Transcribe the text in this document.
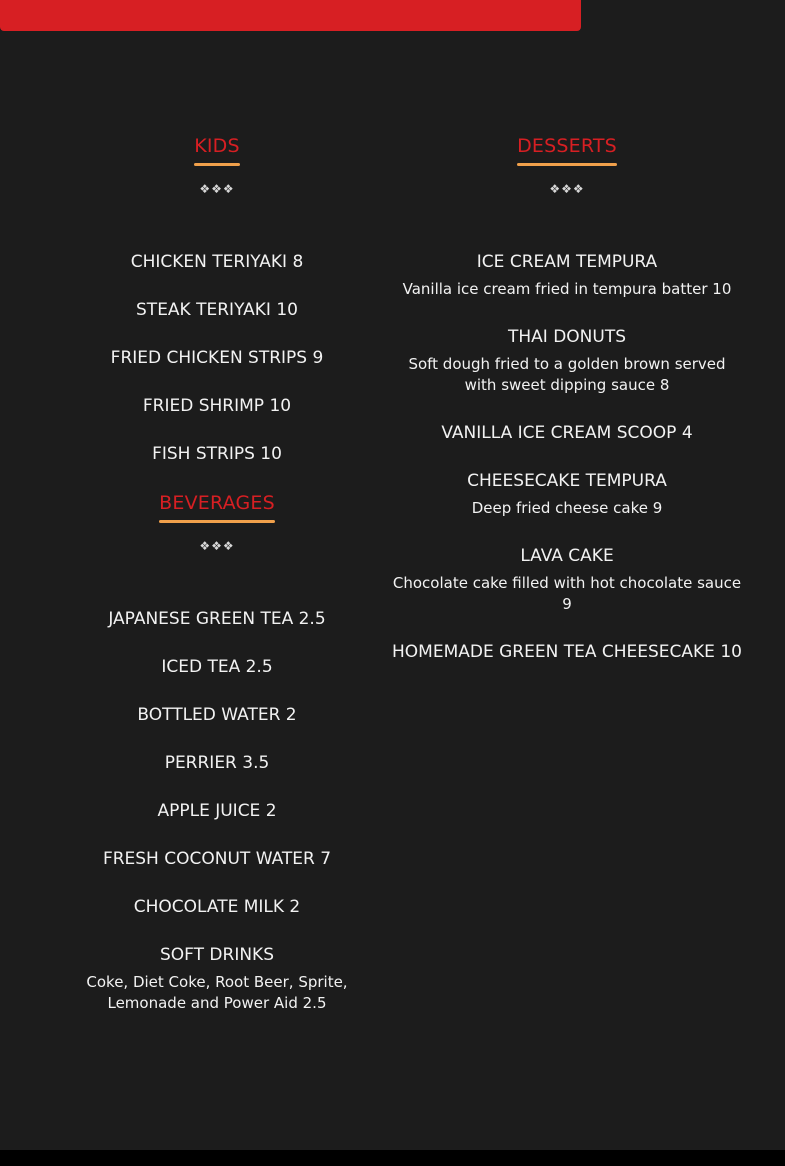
KIDS
❖❖❖
CHICKEN TERIYAKI 8
STEAK TERIYAKI 10
FRIED CHICKEN STRIPS 9
FRIED SHRIMP 10
FISH STRIPS 10
BEVERAGES
❖❖❖
JAPANESE GREEN TEA 2.5
ICED TEA 2.5
BOTTLED WATER 2
PERRIER 3.5
APPLE JUICE 2
FRESH COCONUT WATER 7
CHOCOLATE MILK 2
SOFT DRINKS
Coke, Diet Coke, Root Beer, Sprite, Lemonade and Power Aid 2.5
DESSERTS
❖❖❖
ICE CREAM TEMPURA
Vanilla ice cream fried in tempura batter 10
THAI DONUTS
Soft dough fried to a golden brown served with sweet dipping sauce 8
VANILLA ICE CREAM SCOOP 4
CHEESECAKE TEMPURA
Deep fried cheese cake 9
LAVA CAKE
Chocolate cake filled with hot chocolate sauce 9
HOMEMADE GREEN TEA CHEESECAKE 10
